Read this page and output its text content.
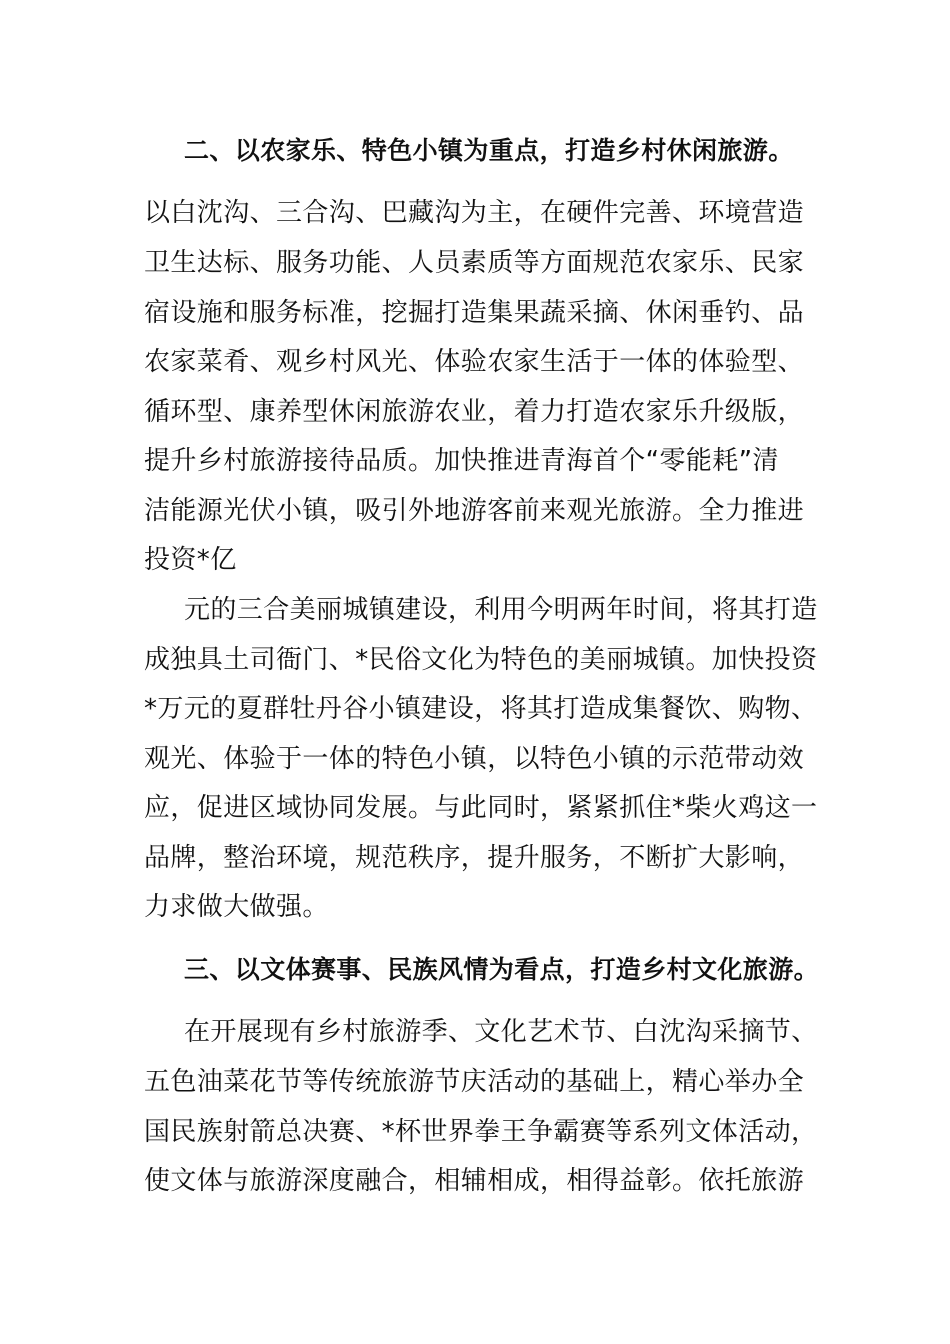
二、以农家乐、特色小镇为重点，打造乡村休闲旅游。
以白沈沟、三合沟、巴藏沟为主，在硬件完善、环境营造
卫生达标、服务功能、人员素质等方面规范农家乐、民家
宿设施和服务标准，挖掘打造集果蔬采摘、休闲垂钓、品
农家菜肴、观乡村风光、体验农家生活于一体的体验型、
循环型、康养型休闲旅游农业，着力打造农家乐升级版，
提升乡村旅游接待品质。加快推进青海首个“零能耗”清
洁能源光伏小镇，吸引外地游客前来观光旅游。全力推进
投资*亿
元的三合美丽城镇建设，利用今明两年时间，将其打造
成独具土司衙门、*民俗文化为特色的美丽城镇。加快投资
*万元的夏群牡丹谷小镇建设，将其打造成集餐饮、购物、
观光、体验于一体的特色小镇，以特色小镇的示范带动效
应，促进区域协同发展。与此同时，紧紧抓住*柴火鸡这一
品牌，整治环境，规范秩序，提升服务，不断扩大影响，
力求做大做强。
三、以文体赛事、民族风情为看点，打造乡村文化旅游。
在开展现有乡村旅游季、文化艺术节、白沈沟采摘节、
五色油菜花节等传统旅游节庆活动的基础上，精心举办全
国民族射箭总决赛、*杯世界拳王争霸赛等系列文体活动，
使文体与旅游深度融合，相辅相成，相得益彰。依托旅游
